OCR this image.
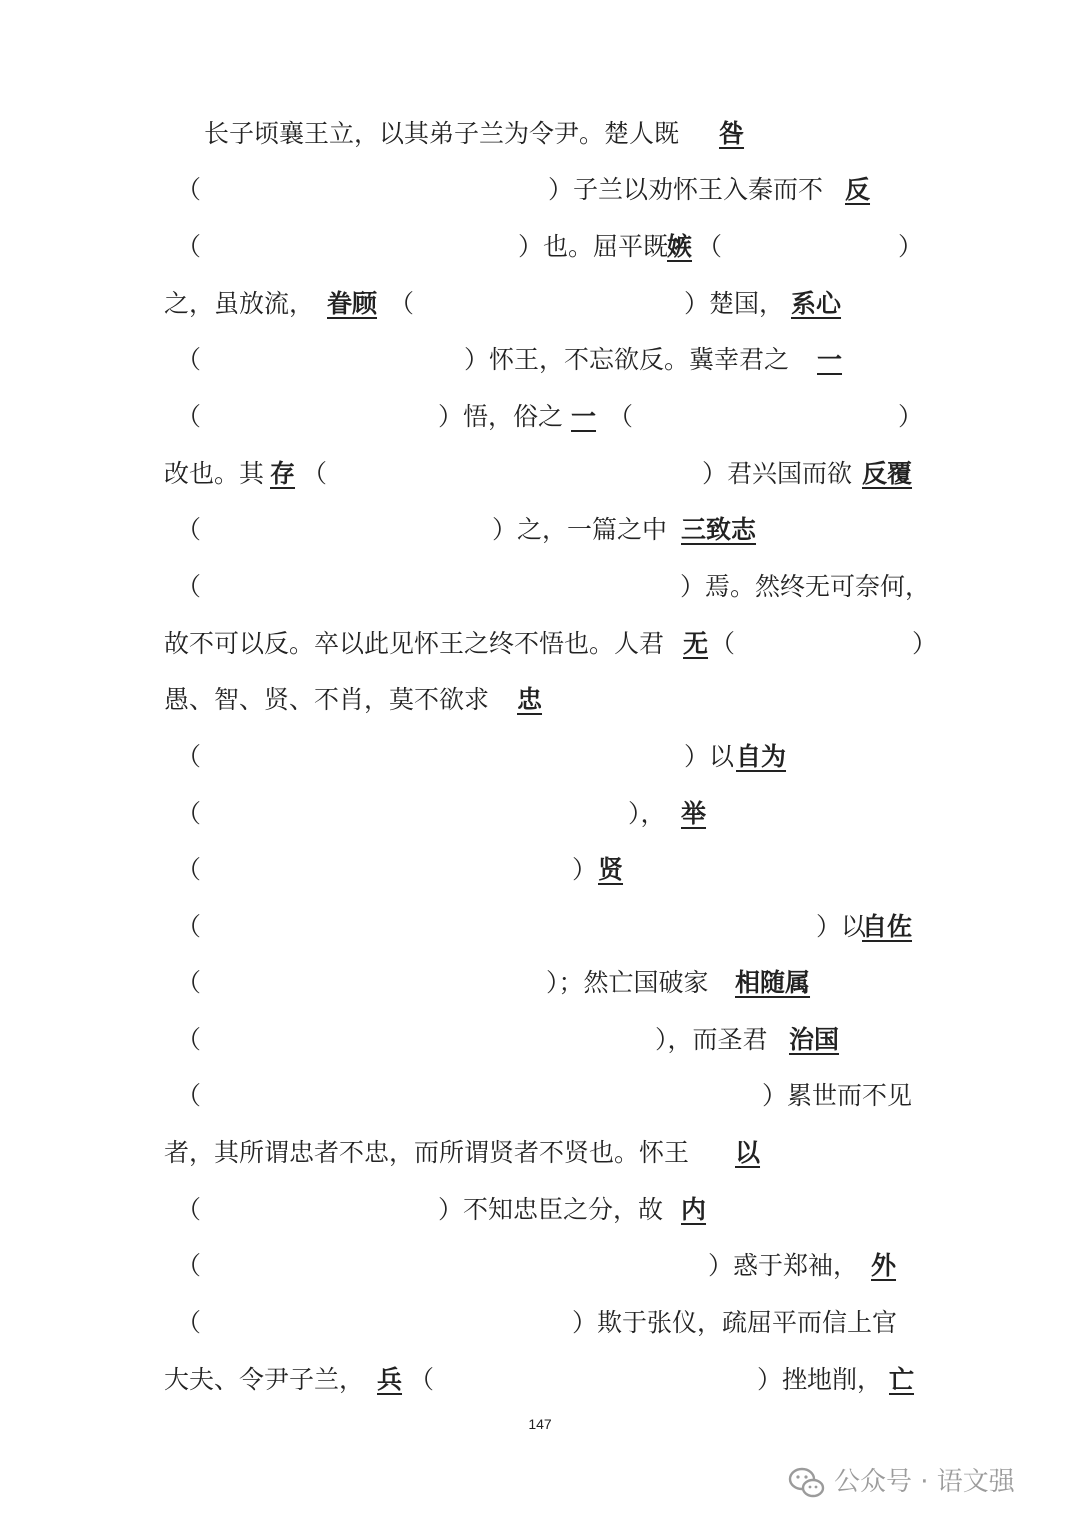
长子顷襄王立，以其弟子兰为令尹。楚人既 咎
（	）子兰以劝怀王入秦而不 反
（	）也。屈平既
嫉 （	）
之，虽放流， 眷顾 （	）楚国， 系心
（	）怀王，不忘欲反。冀幸君之 一
（	）悟，俗之 一 （	）
改也。其 存 （	）君兴国而欲 反覆
（	）之，一篇之中 三致志
（	）焉。然终无可奈何，
故不可以反。卒以此见怀王之终不悟也。人君 无 （	）
愚、智、贤、不肖，莫不欲求 忠
（	）以 自为
（	）， 举
（	） 贤
（	）以
自佐
（	）；然亡国破家 相随属
（	），而圣君 治国
（	）累世而不见
者，其所谓忠者不忠，而所谓贤者不贤也。怀王 以
（	）不知忠臣之分，故 内
（	）惑于郑袖， 外
（	）欺于张仪，疏屈平而信上官
大夫、令尹子兰， 兵 （	）挫地削， 亡
147
公众号 · 语文强
